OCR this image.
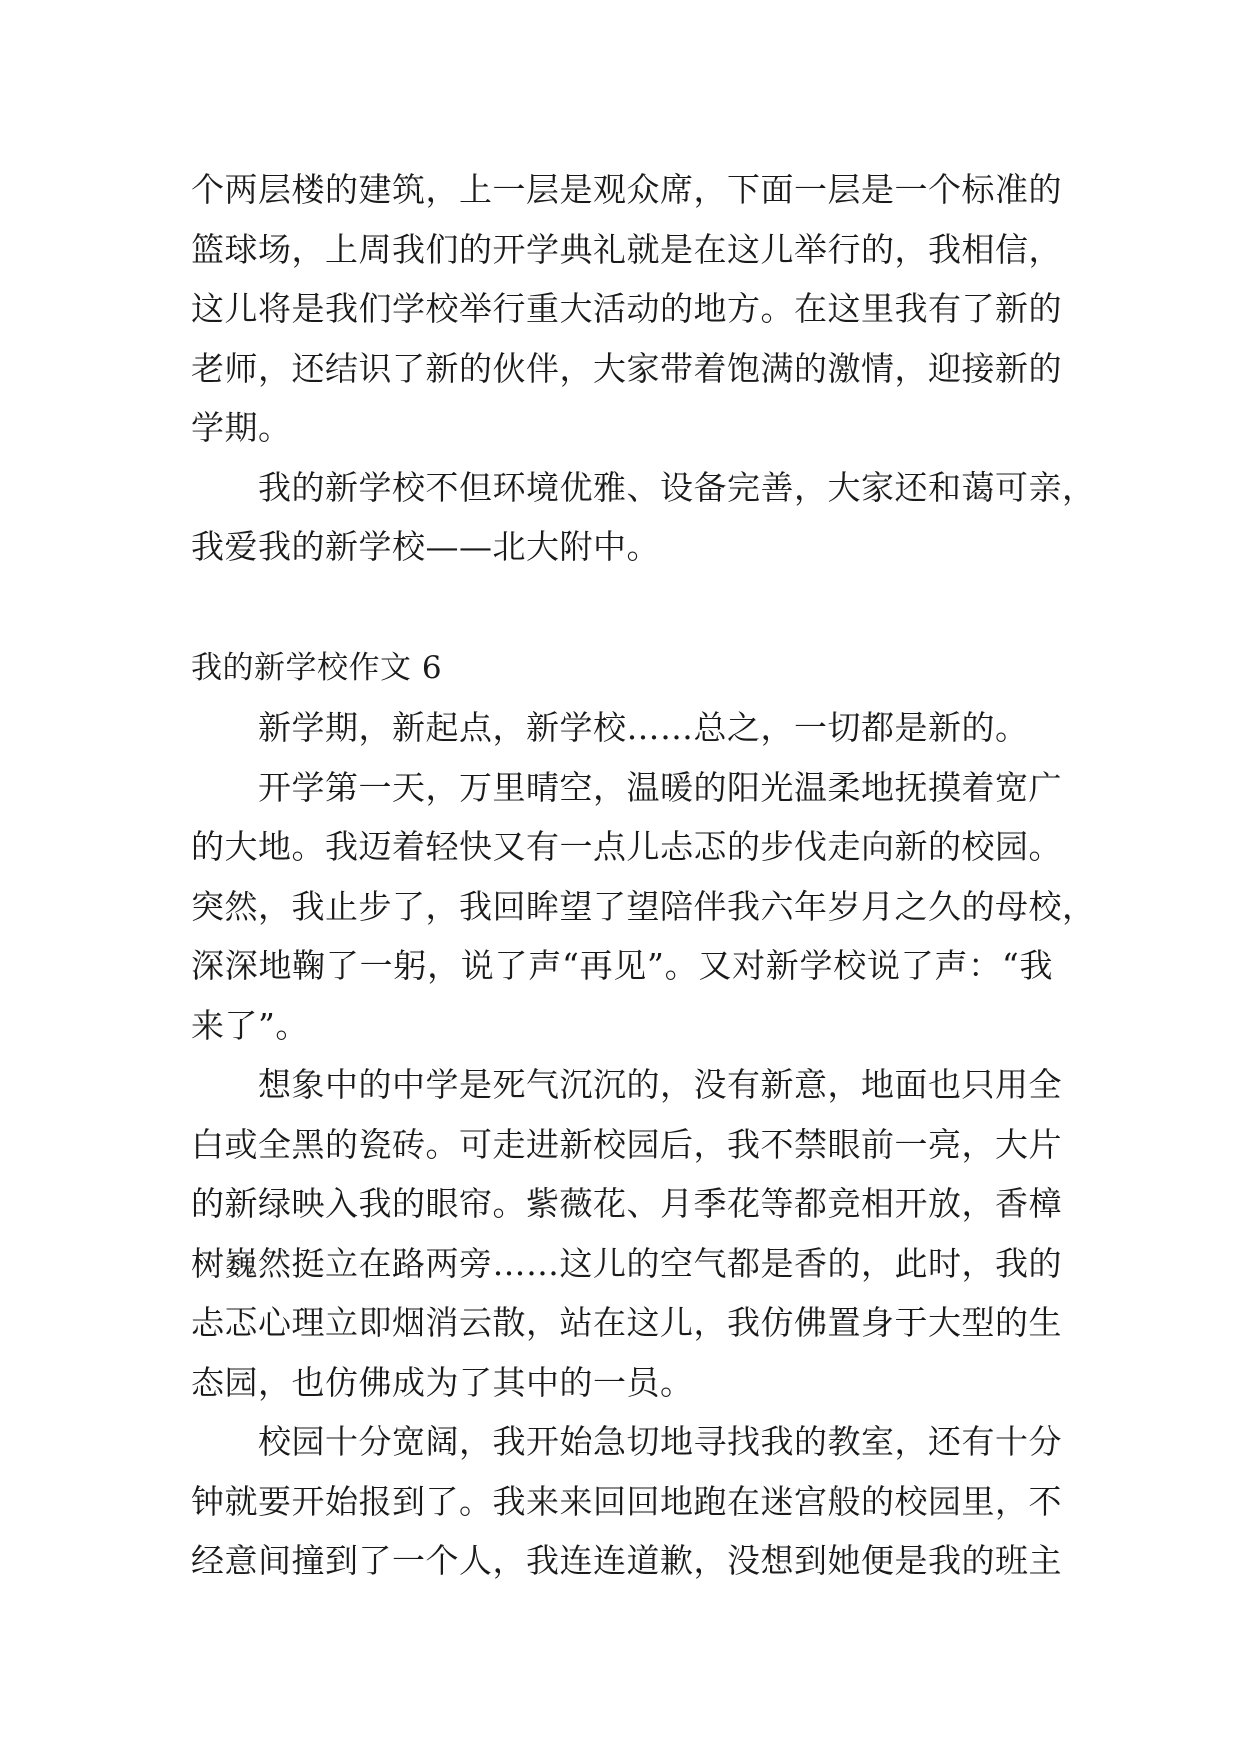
个两层楼的建筑，上一层是观众席，下面一层是一个标准的
篮球场，上周我们的开学典礼就是在这儿举行的，我相信，
这儿将是我们学校举行重大活动的地方。在这里我有了新的
老师，还结识了新的伙伴，大家带着饱满的激情，迎接新的
学期。
　　我的新学校不但环境优雅、设备完善，大家还和蔼可亲，
我爱我的新学校——北大附中。
我的新学校作文 6
　　新学期，新起点，新学校……总之，一切都是新的。
　　开学第一天，万里晴空，温暖的阳光温柔地抚摸着宽广
的大地。我迈着轻快又有一点儿忐忑的步伐走向新的校园。
突然，我止步了，我回眸望了望陪伴我六年岁月之久的母校，
深深地鞠了一躬，说了声“再见”。又对新学校说了声：“我
来了”。
　　想象中的中学是死气沉沉的，没有新意，地面也只用全
白或全黑的瓷砖。可走进新校园后，我不禁眼前一亮，大片
的新绿映入我的眼帘。紫薇花、月季花等都竞相开放，香樟
树巍然挺立在路两旁……这儿的空气都是香的，此时，我的
忐忑心理立即烟消云散，站在这儿，我仿佛置身于大型的生
态园，也仿佛成为了其中的一员。
　　校园十分宽阔，我开始急切地寻找我的教室，还有十分
钟就要开始报到了。我来来回回地跑在迷宫般的校园里，不
经意间撞到了一个人，我连连道歉，没想到她便是我的班主
